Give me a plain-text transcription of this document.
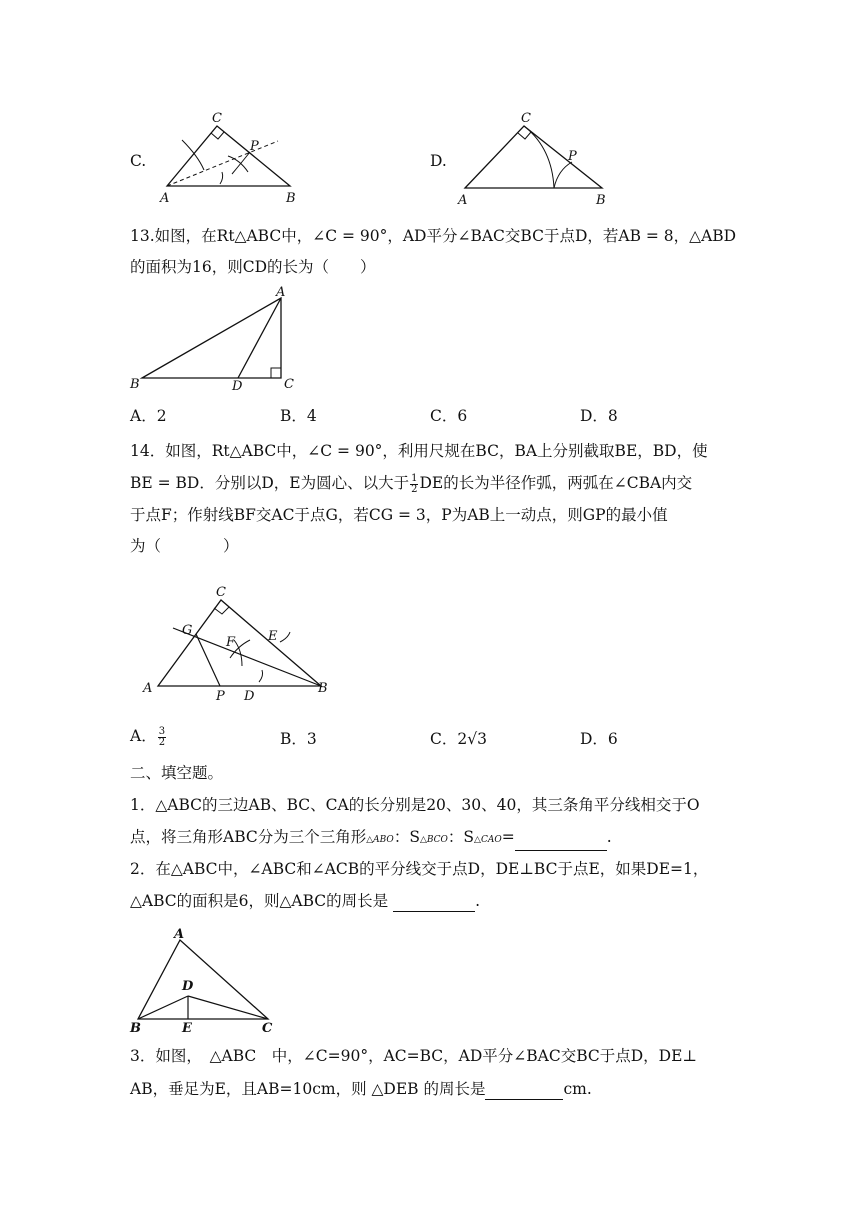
C.
C
P
A	B
D.
C
P
A	B
13.如图，在Rt△ABC中，∠C = 90°，AD平分∠BAC交BC于点D，若AB = 8，△ABD
的面积为16，则CD的长为（　　）
A
B	D	C
A．2	B．4	C．6	D．8
14．如图，Rt△ABC中，∠C = 90°，利用尺规在BC，BA上分别截取BE，BD，使
BE = BD．分别以D，E为圆心、以大于 $\frac{1}{2}$ DE的长为半径作弧，两弧在∠CBA内交
于点F；作射线BF交AC于点G，若CG = 3，P为AB上一动点，则GP的最小值
为（　　　　）
C
G	E
F
A
P D
B
A． $\frac{3}{2}$	B．3	C．2√3	D．6
二、填空题。
1．△ABC的三边AB、BC、CA的长分别是20、30、40，其三条角平分线相交于O
点，将三角形ABC分为三个三角形△ABO：S△BCO：S△CAO=	.
2．在△ABC中，∠ABC和∠ACB的平分线交于点D，DE⊥BC于点E，如果DE=1，
△ABC的面积是6，则△ABC的周长是	.
A
D
B	E	C
3．如图，　△ABC　中，∠C=90°，AC=BC，AD平分∠BAC交BC于点D，DE⊥
AB，垂足为E，且AB=10cm，则 △DEB 的周长是	cm.
